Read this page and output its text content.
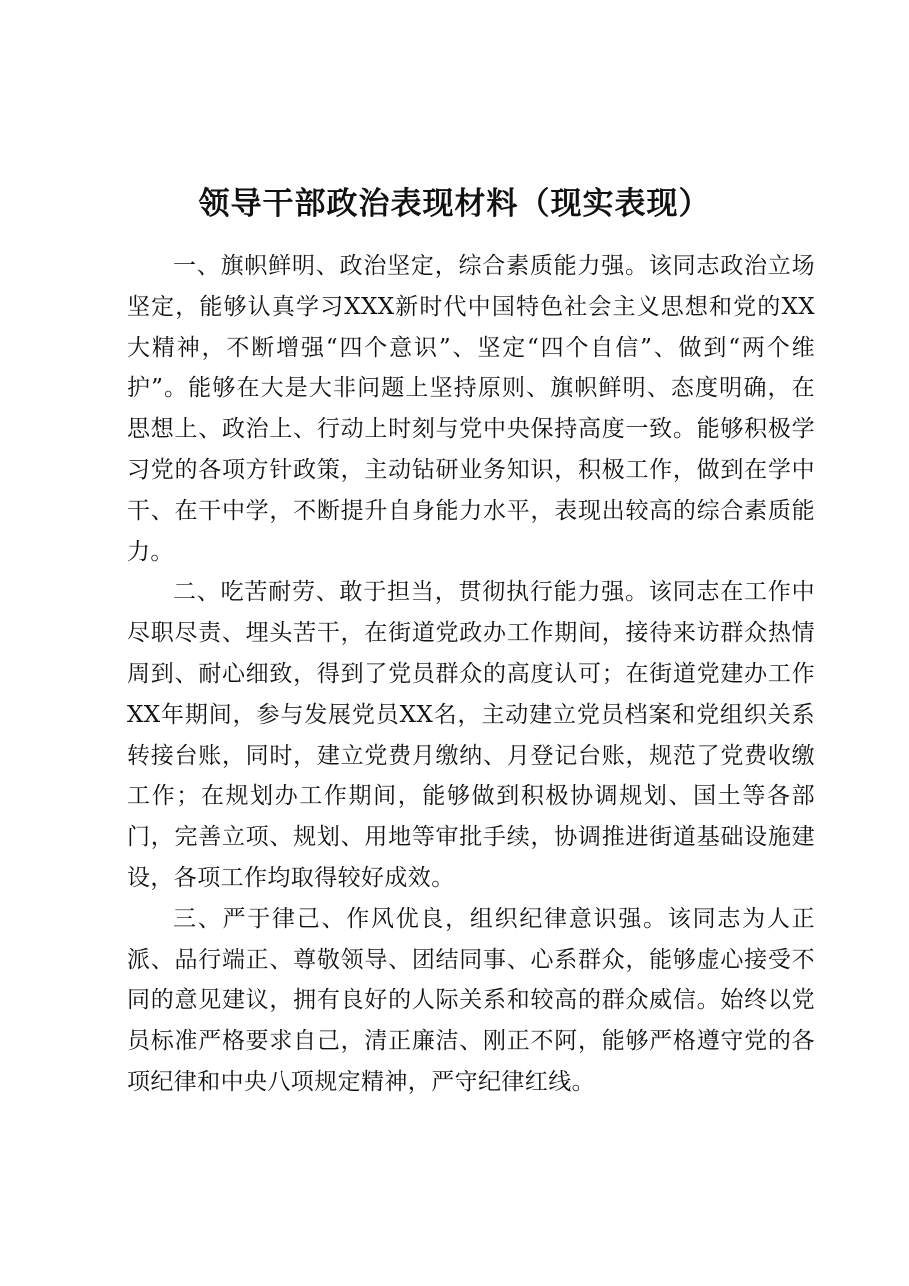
领导干部政治表现材料（现实表现）

一、旗帜鲜明、政治坚定，综合素质能力强。该同志政治立场坚定，能够认真学习XXX新时代中国特色社会主义思想和党的XX大精神，不断增强“四个意识”、坚定“四个自信”、做到“两个维护”。能够在大是大非问题上坚持原则、旗帜鲜明、态度明确，在思想上、政治上、行动上时刻与党中央保持高度一致。能够积极学习党的各项方针政策，主动钻研业务知识，积极工作，做到在学中干、在干中学，不断提升自身能力水平，表现出较高的综合素质能力。

二、吃苦耐劳、敢于担当，贯彻执行能力强。该同志在工作中尽职尽责、埋头苦干，在街道党政办工作期间，接待来访群众热情周到、耐心细致，得到了党员群众的高度认可；在街道党建办工作XX年期间，参与发展党员XX名，主动建立党员档案和党组织关系转接台账，同时，建立党费月缴纳、月登记台账，规范了党费收缴工作；在规划办工作期间，能够做到积极协调规划、国土等各部门，完善立项、规划、用地等审批手续，协调推进街道基础设施建设，各项工作均取得较好成效。

三、严于律己、作风优良，组织纪律意识强。该同志为人正派、品行端正、尊敬领导、团结同事、心系群众，能够虚心接受不同的意见建议，拥有良好的人际关系和较高的群众威信。始终以党员标准严格要求自己，清正廉洁、刚正不阿，能够严格遵守党的各项纪律和中央八项规定精神，严守纪律红线。
